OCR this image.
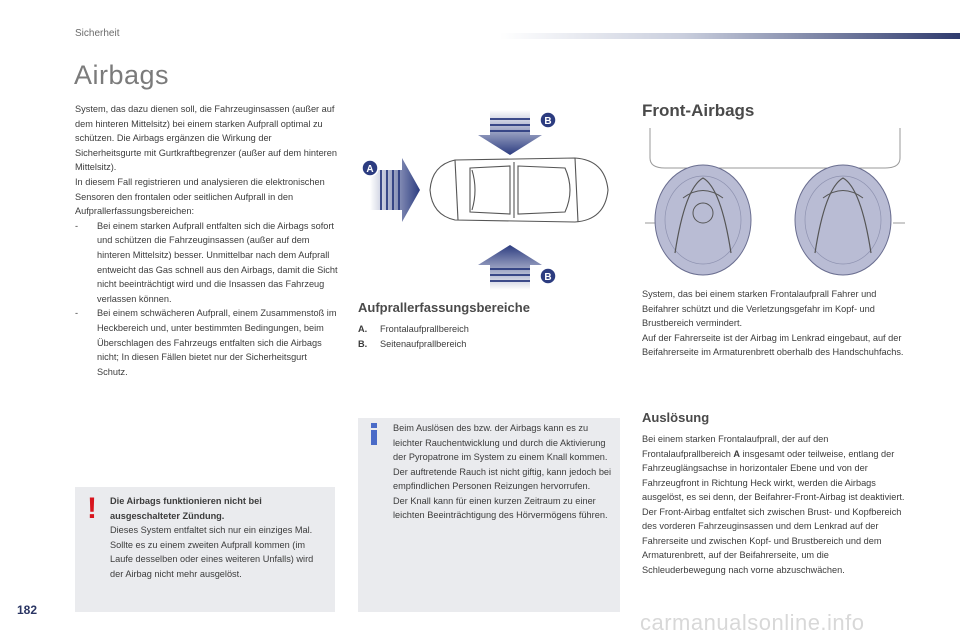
Sicherheit
Airbags

System, das dazu dienen soll, die Fahrzeuginsassen (außer auf dem hinteren Mittelsitz) bei einem starken Aufprall optimal zu schützen. Die Airbags ergänzen die Wirkung der Sicherheitsgurte mit Gurtkraftbegrenzer (außer auf dem hinteren Mittelsitz).

In diesem Fall registrieren und analysieren die elektronischen Sensoren den frontalen oder seitlichen Aufprall in den Aufprallerfassungsbereichen:

- Bei einem starken Aufprall entfalten sich die Airbags sofort und schützen die Fahrzeuginsassen (außer auf dem hinteren Mittelsitz) besser. Unmittelbar nach dem Aufprall entweicht das Gas schnell aus den Airbags, damit die Sicht nicht beeinträchtigt wird und die Insassen das Fahrzeug verlassen können.
- Bei einem schwächeren Aufprall, einem Zusammenstoß im Heckbereich und, unter bestimmten Bedingungen, beim Überschlagen des Fahrzeugs entfalten sich die Airbags nicht; In diesen Fällen bietet nur der Sicherheitsgurt Schutz.
! Die Airbags funktionieren nicht bei ausgeschalteter Zündung.
Dieses System entfaltet sich nur ein einziges Mal. Sollte es zu einem zweiten Aufprall kommen (im Laufe desselben oder eines weiteren Unfalls) wird der Airbag nicht mehr ausgelöst.
A
B
B
Aufprallerfassungsbereiche
A. Frontalaufprallbereich
B. Seitenaufprallbereich

Beim Auslösen des bzw. der Airbags kann es zu leichter Rauchentwicklung und durch die Aktivierung der Pyropatrone im System zu einem Knall kommen.

Der auftretende Rauch ist nicht giftig, kann jedoch bei empfindlichen Personen Reizungen hervorrufen.

Der Knall kann für einen kurzen Zeitraum zu einer leichten Beeinträchtigung des Hörvermögens führen.

Front-Airbags

System, das bei einem starken Frontalaufprall Fahrer und Beifahrer schützt und die Verletzungsgefahr im Kopf- und Brustbereich vermindert.

Auf der Fahrerseite ist der Airbag im Lenkrad eingebaut, auf der Beifahrerseite im Armaturenbrett oberhalb des Handschuhfachs.

Auslösung

Bei einem starken Frontalaufprall, der auf den Frontalaufprallbereich A insgesamt oder teilweise, entlang der Fahrzeuglängsachse in horizontaler Ebene und von der Fahrzeugfront in Richtung Heck wirkt, werden die Airbags ausgelöst, es sei denn, der Beifahrer-Front-Airbag ist deaktiviert.

Der Front-Airbag entfaltet sich zwischen Brust- und Kopfbereich des vorderen Fahrzeuginsassen und dem Lenkrad auf der Fahrerseite und zwischen Kopf- und Brustbereich und dem Armaturenbrett, auf der Beifahrerseite, um die Schleuderbewegung nach vorne abzuschwächen.

182	carmanualsonline.info
